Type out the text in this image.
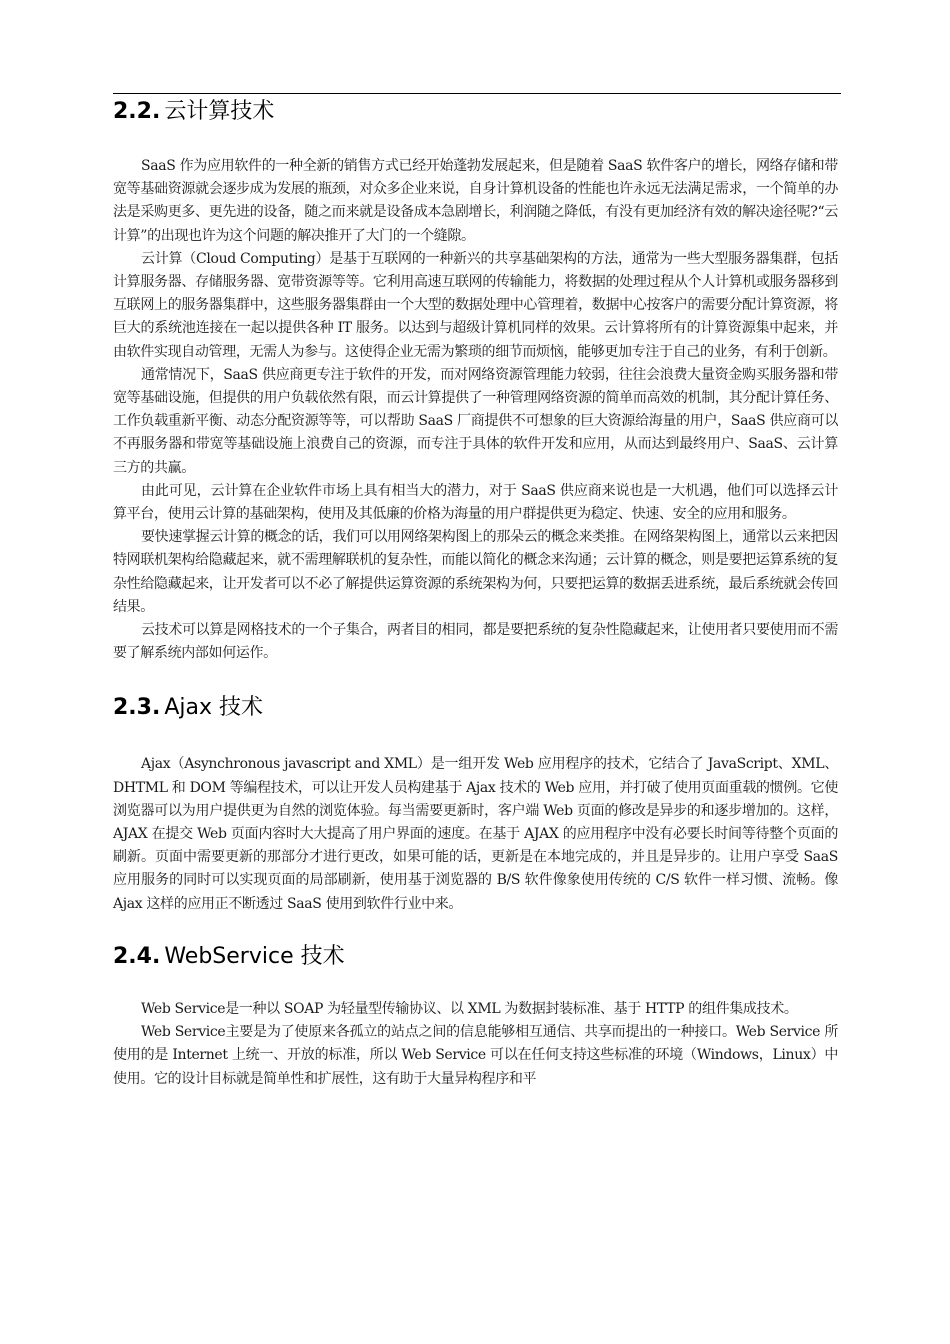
2.2. 云计算技术

SaaS 作为应用软件的一种全新的销售方式已经开始蓬勃发展起来，但是随着 SaaS 软件客户的增长，网络存储和带宽等基础资源就会逐步成为发展的瓶颈，对众多企业来说，自身计算机设备的性能也许永远无法满足需求，一个简单的办法是采购更多、更先进的设备，随之而来就是设备成本急剧增长，利润随之降低，有没有更加经济有效的解决途径呢?“云计算”的出现也许为这个问题的解决推开了大门的一个缝隙。

云计算（Cloud Computing）是基于互联网的一种新兴的共享基础架构的方法，通常为一些大型服务器集群，包括计算服务器、存储服务器、宽带资源等等。它利用高速互联网的传输能力，将数据的处理过程从个人计算机或服务器移到互联网上的服务器集群中，这些服务器集群由一个大型的数据处理中心管理着，数据中心按客户的需要分配计算资源，将巨大的系统池连接在一起以提供各种 IT 服务。以达到与超级计算机同样的效果。云计算将所有的计算资源集中起来，并由软件实现自动管理，无需人为参与。这使得企业无需为繁琐的细节而烦恼，能够更加专注于自己的业务，有利于创新。

通常情况下，SaaS 供应商更专注于软件的开发，而对网络资源管理能力较弱，往往会浪费大量资金购买服务器和带宽等基础设施，但提供的用户负载依然有限，而云计算提供了一种管理网络资源的简单而高效的机制，其分配计算任务、工作负载重新平衡、动态分配资源等等，可以帮助 SaaS 厂商提供不可想象的巨大资源给海量的用户，SaaS 供应商可以不再服务器和带宽等基础设施上浪费自己的资源，而专注于具体的软件开发和应用，从而达到最终用户、SaaS、云计算三方的共赢。

由此可见，云计算在企业软件市场上具有相当大的潜力，对于 SaaS 供应商来说也是一大机遇，他们可以选择云计算平台，使用云计算的基础架构，使用及其低廉的价格为海量的用户群提供更为稳定、快速、安全的应用和服务。

要快速掌握云计算的概念的话，我们可以用网络架构图上的那朵云的概念来类推。在网络架构图上，通常以云来把因特网联机架构给隐藏起来，就不需理解联机的复杂性，而能以简化的概念来沟通；云计算的概念，则是要把运算系统的复杂性给隐藏起来，让开发者可以不必了解提供运算资源的系统架构为何，只要把运算的数据丢进系统，最后系统就会传回结果。

云技术可以算是网格技术的一个子集合，两者目的相同，都是要把系统的复杂性隐藏起来，让使用者只要使用而不需要了解系统内部如何运作。

2.3. Ajax 技术

Ajax（Asynchronous javascript and XML）是一组开发 Web 应用程序的技术，它结合了 JavaScript、XML、DHTML 和 DOM 等编程技术，可以让开发人员构建基于 Ajax 技术的 Web 应用，并打破了使用页面重载的惯例。它使浏览器可以为用户提供更为自然的浏览体验。每当需要更新时，客户端 Web 页面的修改是异步的和逐步增加的。这样，AJAX 在提交 Web 页面内容时大大提高了用户界面的速度。在基于 AJAX 的应用程序中没有必要长时间等待整个页面的刷新。页面中需要更新的那部分才进行更改，如果可能的话，更新是在本地完成的，并且是异步的。让用户享受 SaaS 应用服务的同时可以实现页面的局部刷新，使用基于浏览器的 B/S 软件像象使用传统的 C/S 软件一样习惯、流畅。像 Ajax 这样的应用正不断透过 SaaS 使用到软件行业中来。

2.4. WebService 技术

Web Service是一种以 SOAP 为轻量型传输协议、以 XML 为数据封装标准、基于 HTTP 的组件集成技术。

Web Service主要是为了使原来各孤立的站点之间的信息能够相互通信、共享而提出的一种接口。Web Service 所使用的是 Internet 上统一、开放的标准，所以 Web Service 可以在任何支持这些标准的环境（Windows，Linux）中使用。它的设计目标就是简单性和扩展性，这有助于大量异构程序和平
